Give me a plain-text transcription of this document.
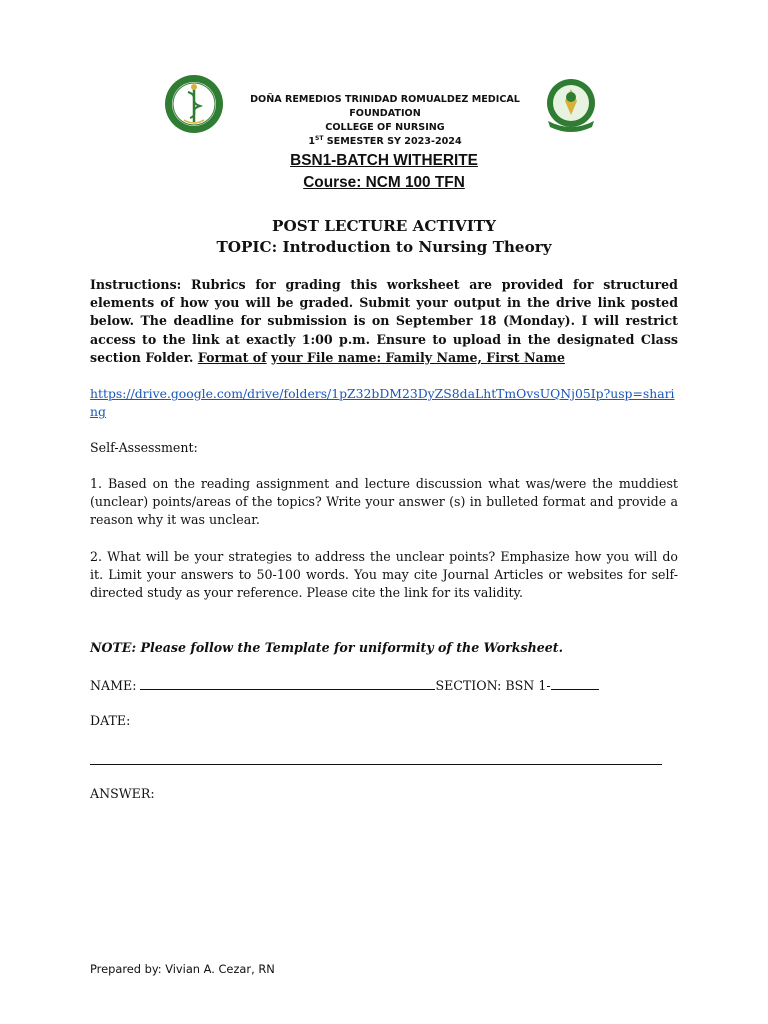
DOÑA REMEDIOS TRINIDAD ROMUALDEZ MEDICAL FOUNDATION
COLLEGE OF NURSING
1ST SEMESTER SY 2023-2024
BSN1-BATCH WITHERITE
Course: NCM 100 TFN
POST LECTURE ACTIVITY
TOPIC: Introduction to Nursing Theory
Instructions: Rubrics for grading this worksheet are provided for structured elements of how you will be graded. Submit your output in the drive link posted below. The deadline for submission is on September 18 (Monday). I will restrict access to the link at exactly 1:00 p.m. Ensure to upload in the designated Class section Folder. Format of your File name: Family Name, First Name
https://drive.google.com/drive/folders/1pZ32bDM23DyZS8daLhtTmOvsUQNj05Ip?usp=sharing
Self-Assessment:
1. Based on the reading assignment and lecture discussion what was/were the muddiest (unclear) points/areas of the topics? Write your answer (s) in bulleted format and provide a reason why it was unclear.
2. What will be your strategies to address the unclear points? Emphasize how you will do it. Limit your answers to 50-100 words. You may cite Journal Articles or websites for self-directed study as your reference. Please cite the link for its validity.
NOTE: Please follow the Template for uniformity of the Worksheet.
NAME:	SECTION: BSN 1-
DATE:
ANSWER:
Prepared by: Vivian A. Cezar, RN
